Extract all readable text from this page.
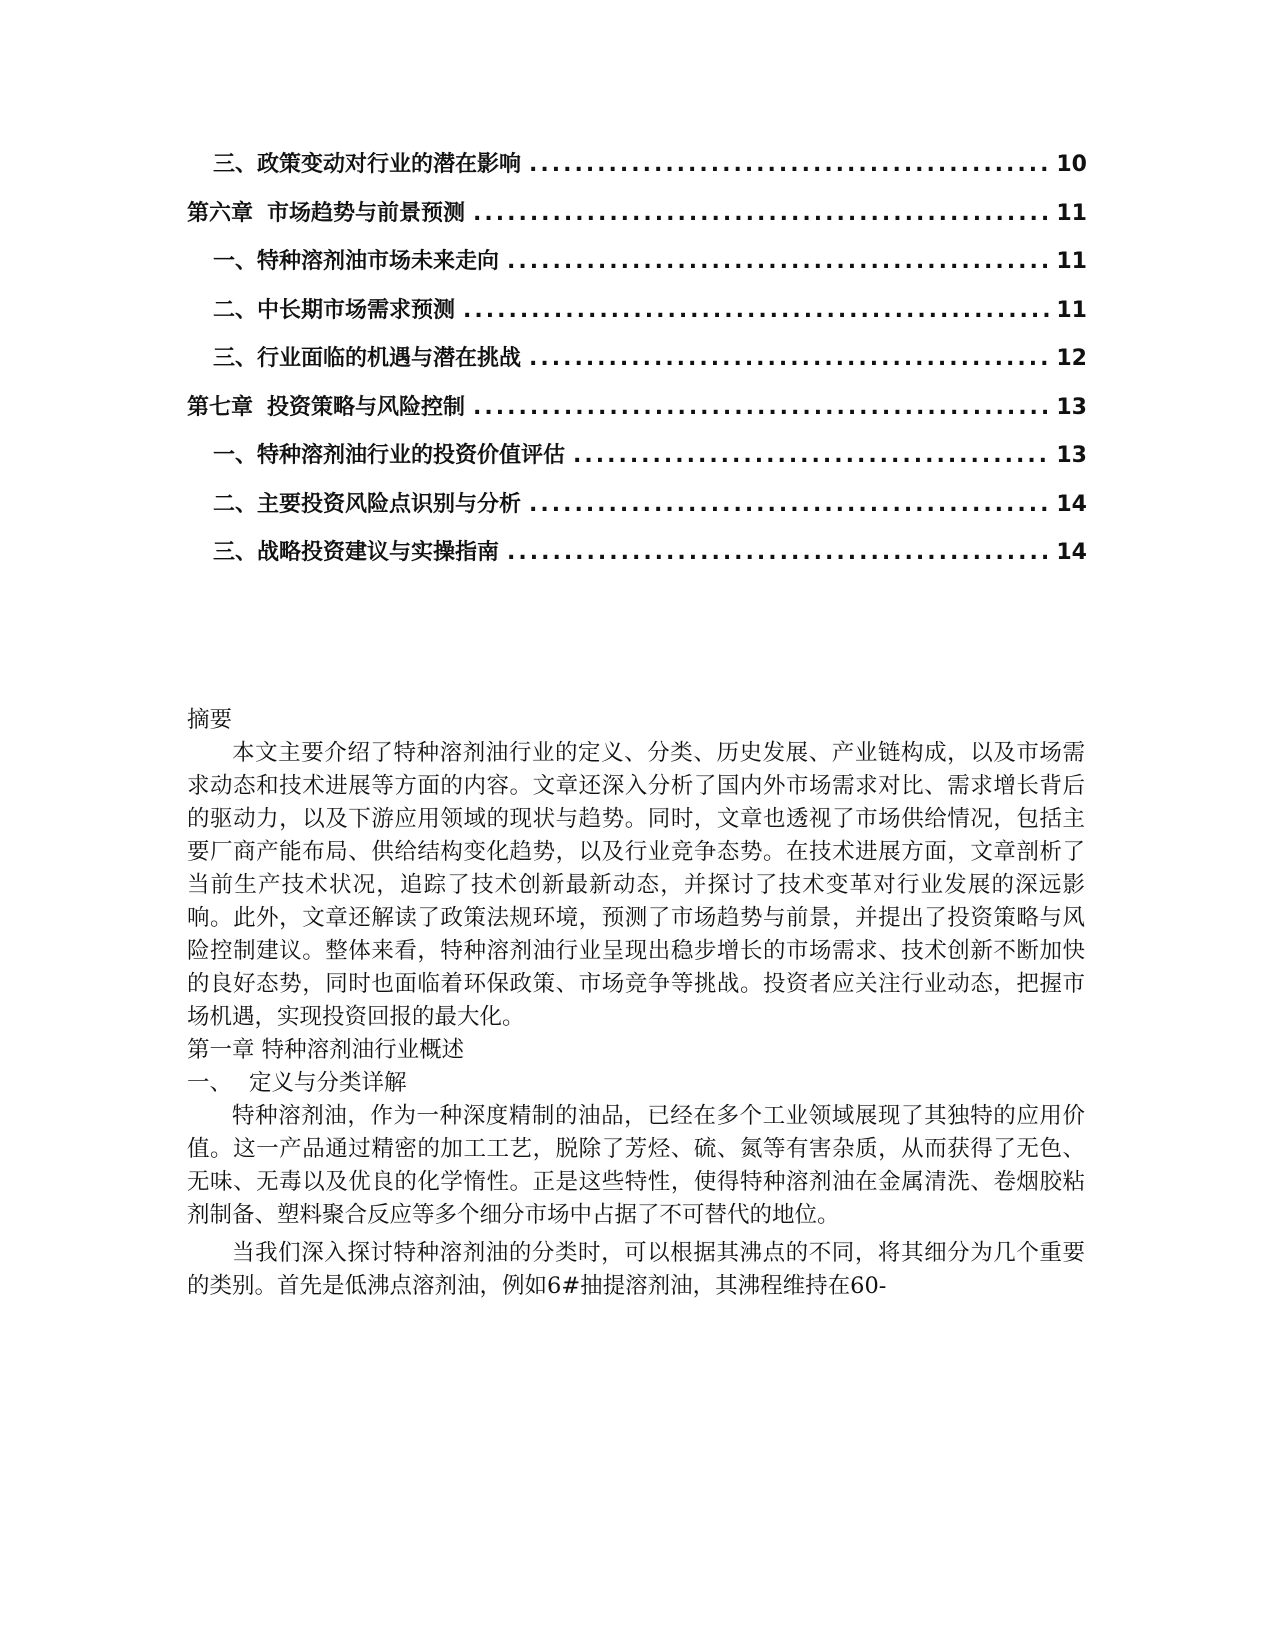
三、 政策变动对行业的潜在影响 .....	10
第六章 市场趋势与前景预测 .....	11
一、 特种溶剂油市场未来走向 .....	11
二、 中长期市场需求预测 .....	11
三、 行业面临的机遇与潜在挑战 .....	12
第七章 投资策略与风险控制 .....	13
一、 特种溶剂油行业的投资价值评估 .....	13
二、 主要投资风险点识别与分析 .....	14
三、 战略投资建议与实操指南 .....	14

摘要

本文主要介绍了特种溶剂油行业的定义、分类、历史发展、产业链构成，以及市场需求动态和技术进展等方面的内容。文章还深入分析了国内外市场需求对比、需求增长背后的驱动力，以及下游应用领域的现状与趋势。同时，文章也透视了市场供给情况，包括主要厂商产能布局、供给结构变化趋势，以及行业竞争态势。在技术进展方面，文章剖析了当前生产技术状况，追踪了技术创新最新动态，并探讨了技术变革对行业发展的深远影响。此外，文章还解读了政策法规环境，预测了市场趋势与前景，并提出了投资策略与风险控制建议。整体来看，特种溶剂油行业呈现出稳步增长的市场需求、技术创新不断加快的良好态势，同时也面临着环保政策、市场竞争等挑战。投资者应关注行业动态，把握市场机遇，实现投资回报的最大化。

第一章 特种溶剂油行业概述

一、 定义与分类详解

特种溶剂油，作为一种深度精制的油品，已经在多个工业领域展现了其独特的应用价值。这一产品通过精密的加工工艺，脱除了芳烃、硫、氮等有害杂质，从而获得了无色、无味、无毒以及优良的化学惰性。正是这些特性，使得特种溶剂油在金属清洗、卷烟胶粘剂制备、塑料聚合反应等多个细分市场中占据了不可替代的地位。

当我们深入探讨特种溶剂油的分类时，可以根据其沸点的不同，将其细分为几个重要的类别。首先是低沸点溶剂油，例如6#抽提溶剂油，其沸程维持在60-
